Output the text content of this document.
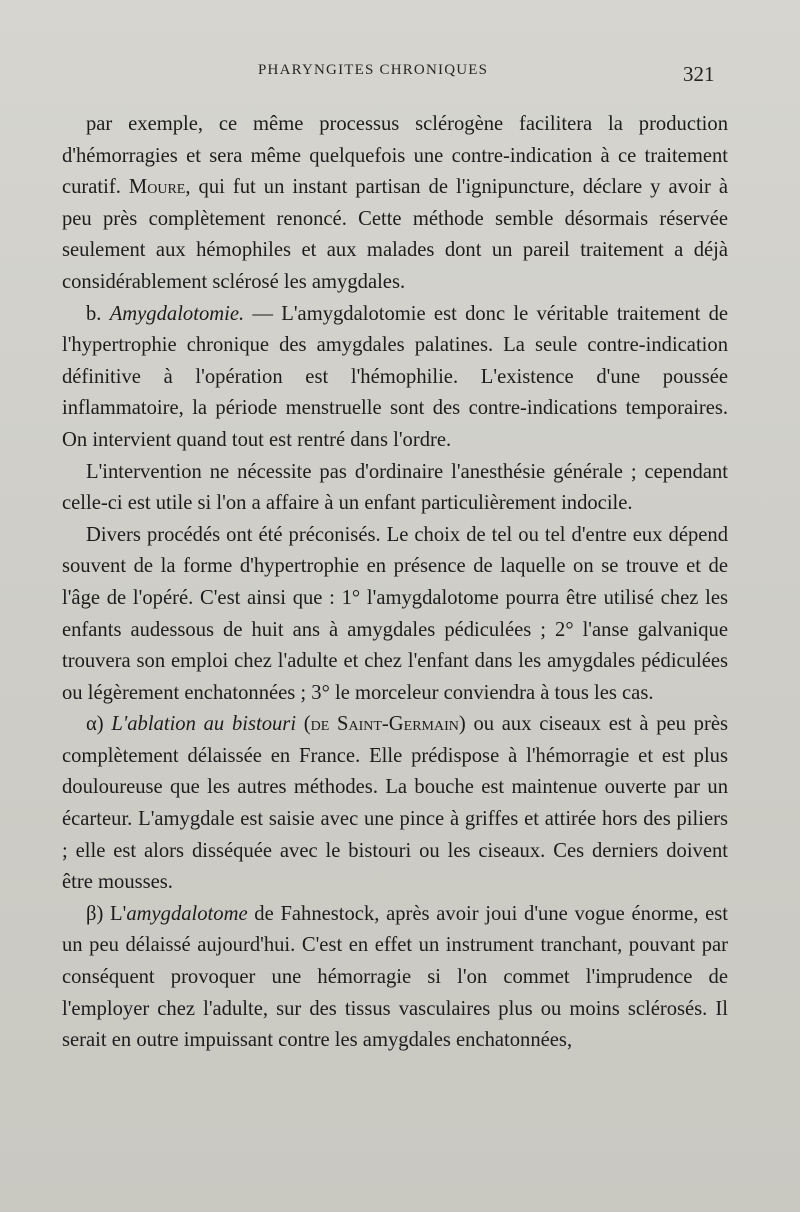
PHARYNGITES CHRONIQUES	321

par exemple, ce même processus sclérogène facilitera la production d'hémorragies et sera même quelquefois une contre-indication à ce traitement curatif. Moure, qui fut un instant partisan de l'ignipuncture, déclare y avoir à peu près complètement renoncé. Cette méthode semble désormais réservée seulement aux hémophiles et aux malades dont un pareil traitement a déjà considérablement sclérosé les amygdales.

b. Amygdalotomie. — L'amygdalotomie est donc le véritable traitement de l'hypertrophie chronique des amygdales palatines. La seule contre-indication définitive à l'opération est l'hémophilie. L'existence d'une poussée inflammatoire, la période menstruelle sont des contre-indications temporaires. On intervient quand tout est rentré dans l'ordre.

L'intervention ne nécessite pas d'ordinaire l'anesthésie générale ; cependant celle-ci est utile si l'on a affaire à un enfant particulièrement indocile.

Divers procédés ont été préconisés. Le choix de tel ou tel d'entre eux dépend souvent de la forme d'hypertrophie en présence de laquelle on se trouve et de l'âge de l'opéré. C'est ainsi que : 1° l'amygdalotome pourra être utilisé chez les enfants audessous de huit ans à amygdales pédiculées ; 2° l'anse galvanique trouvera son emploi chez l'adulte et chez l'enfant dans les amygdales pédiculées ou légèrement enchatonnées ; 3° le morceleur conviendra à tous les cas.

α) L'ablation au bistouri (de Saint-Germain) ou aux ciseaux est à peu près complètement délaissée en France. Elle prédispose à l'hémorragie et est plus douloureuse que les autres méthodes. La bouche est maintenue ouverte par un écarteur. L'amygdale est saisie avec une pince à griffes et attirée hors des piliers ; elle est alors disséquée avec le bistouri ou les ciseaux. Ces derniers doivent être mousses.

β) L'amygdalotome de Fahnestock, après avoir joui d'une vogue énorme, est un peu délaissé aujourd'hui. C'est en effet un instrument tranchant, pouvant par conséquent provoquer une hémorragie si l'on commet l'imprudence de l'employer chez l'adulte, sur des tissus vasculaires plus ou moins sclérosés. Il serait en outre impuissant contre les amygdales enchatonnées,
